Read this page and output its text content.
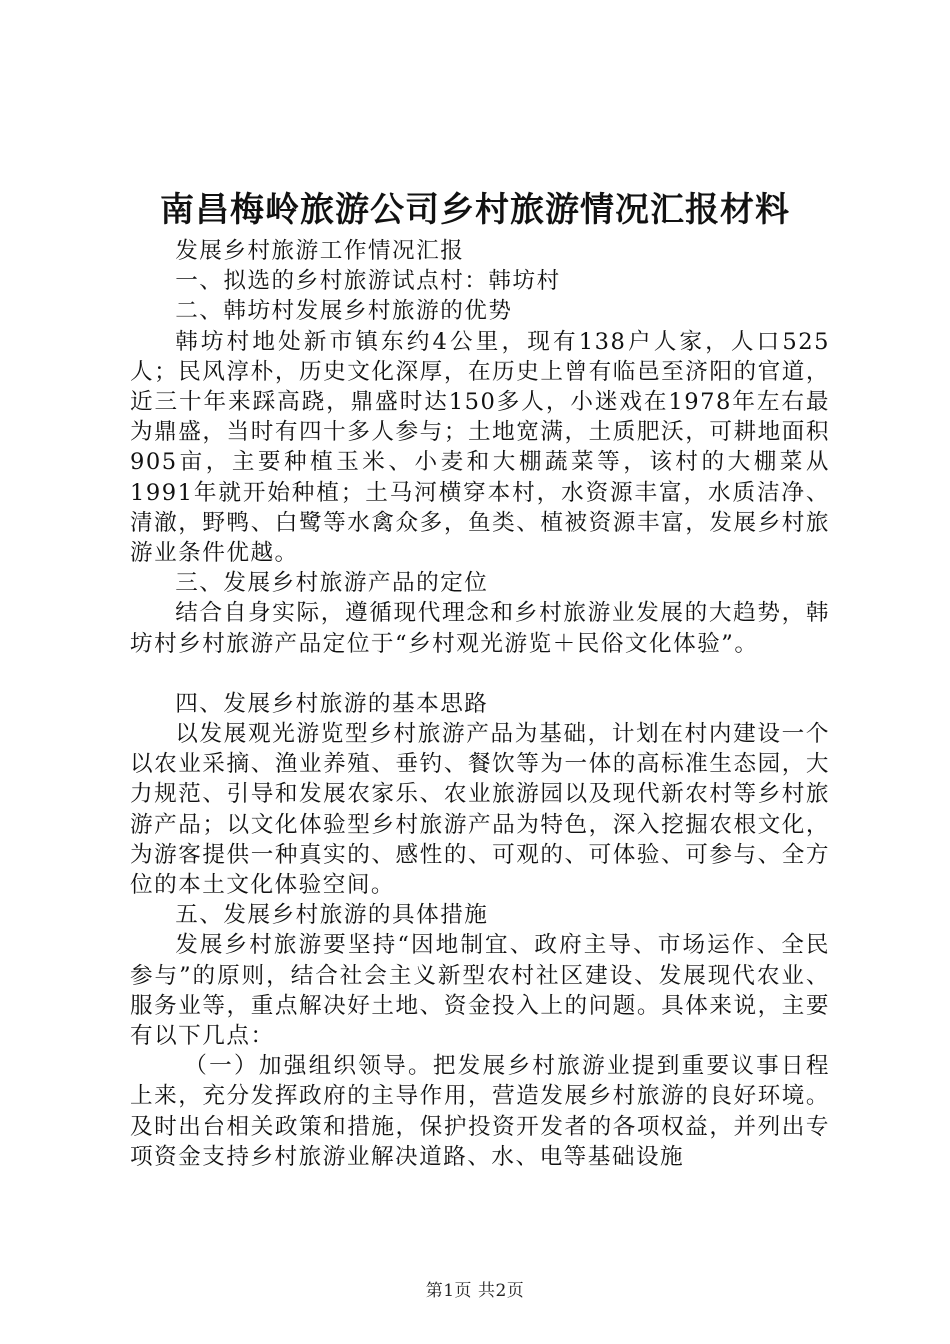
南昌梅岭旅游公司乡村旅游情况汇报材料

发展乡村旅游工作情况汇报

一、拟选的乡村旅游试点村：韩坊村

二、韩坊村发展乡村旅游的优势

韩坊村地处新市镇东约4公里，现有138户人家，人口525人；民风淳朴，历史文化深厚，在历史上曾有临邑至济阳的官道，近三十年来踩高跷，鼎盛时达150多人，小迷戏在1978年左右最为鼎盛，当时有四十多人参与；土地宽满，土质肥沃，可耕地面积905亩，主要种植玉米、小麦和大棚蔬菜等，该村的大棚菜从1991年就开始种植；土马河横穿本村，水资源丰富，水质洁净、清澈，野鸭、白鹭等水禽众多，鱼类、植被资源丰富，发展乡村旅游业条件优越。

三、发展乡村旅游产品的定位

结合自身实际，遵循现代理念和乡村旅游业发展的大趋势，韩坊村乡村旅游产品定位于“乡村观光游览＋民俗文化体验”。

四、发展乡村旅游的基本思路

以发展观光游览型乡村旅游产品为基础，计划在村内建设一个以农业采摘、渔业养殖、垂钓、餐饮等为一体的高标准生态园，大力规范、引导和发展农家乐、农业旅游园以及现代新农村等乡村旅游产品；以文化体验型乡村旅游产品为特色，深入挖掘农根文化，为游客提供一种真实的、感性的、可观的、可体验、可参与、全方位的本土文化体验空间。

五、发展乡村旅游的具体措施

发展乡村旅游要坚持“因地制宜、政府主导、市场运作、全民参与”的原则，结合社会主义新型农村社区建设、发展现代农业、服务业等，重点解决好土地、资金投入上的问题。具体来说，主要有以下几点：

（一）加强组织领导。把发展乡村旅游业提到重要议事日程上来，充分发挥政府的主导作用，营造发展乡村旅游的良好环境。及时出台相关政策和措施，保护投资开发者的各项权益，并列出专项资金支持乡村旅游业解决道路、水、电等基础设施

第1页 共2页
